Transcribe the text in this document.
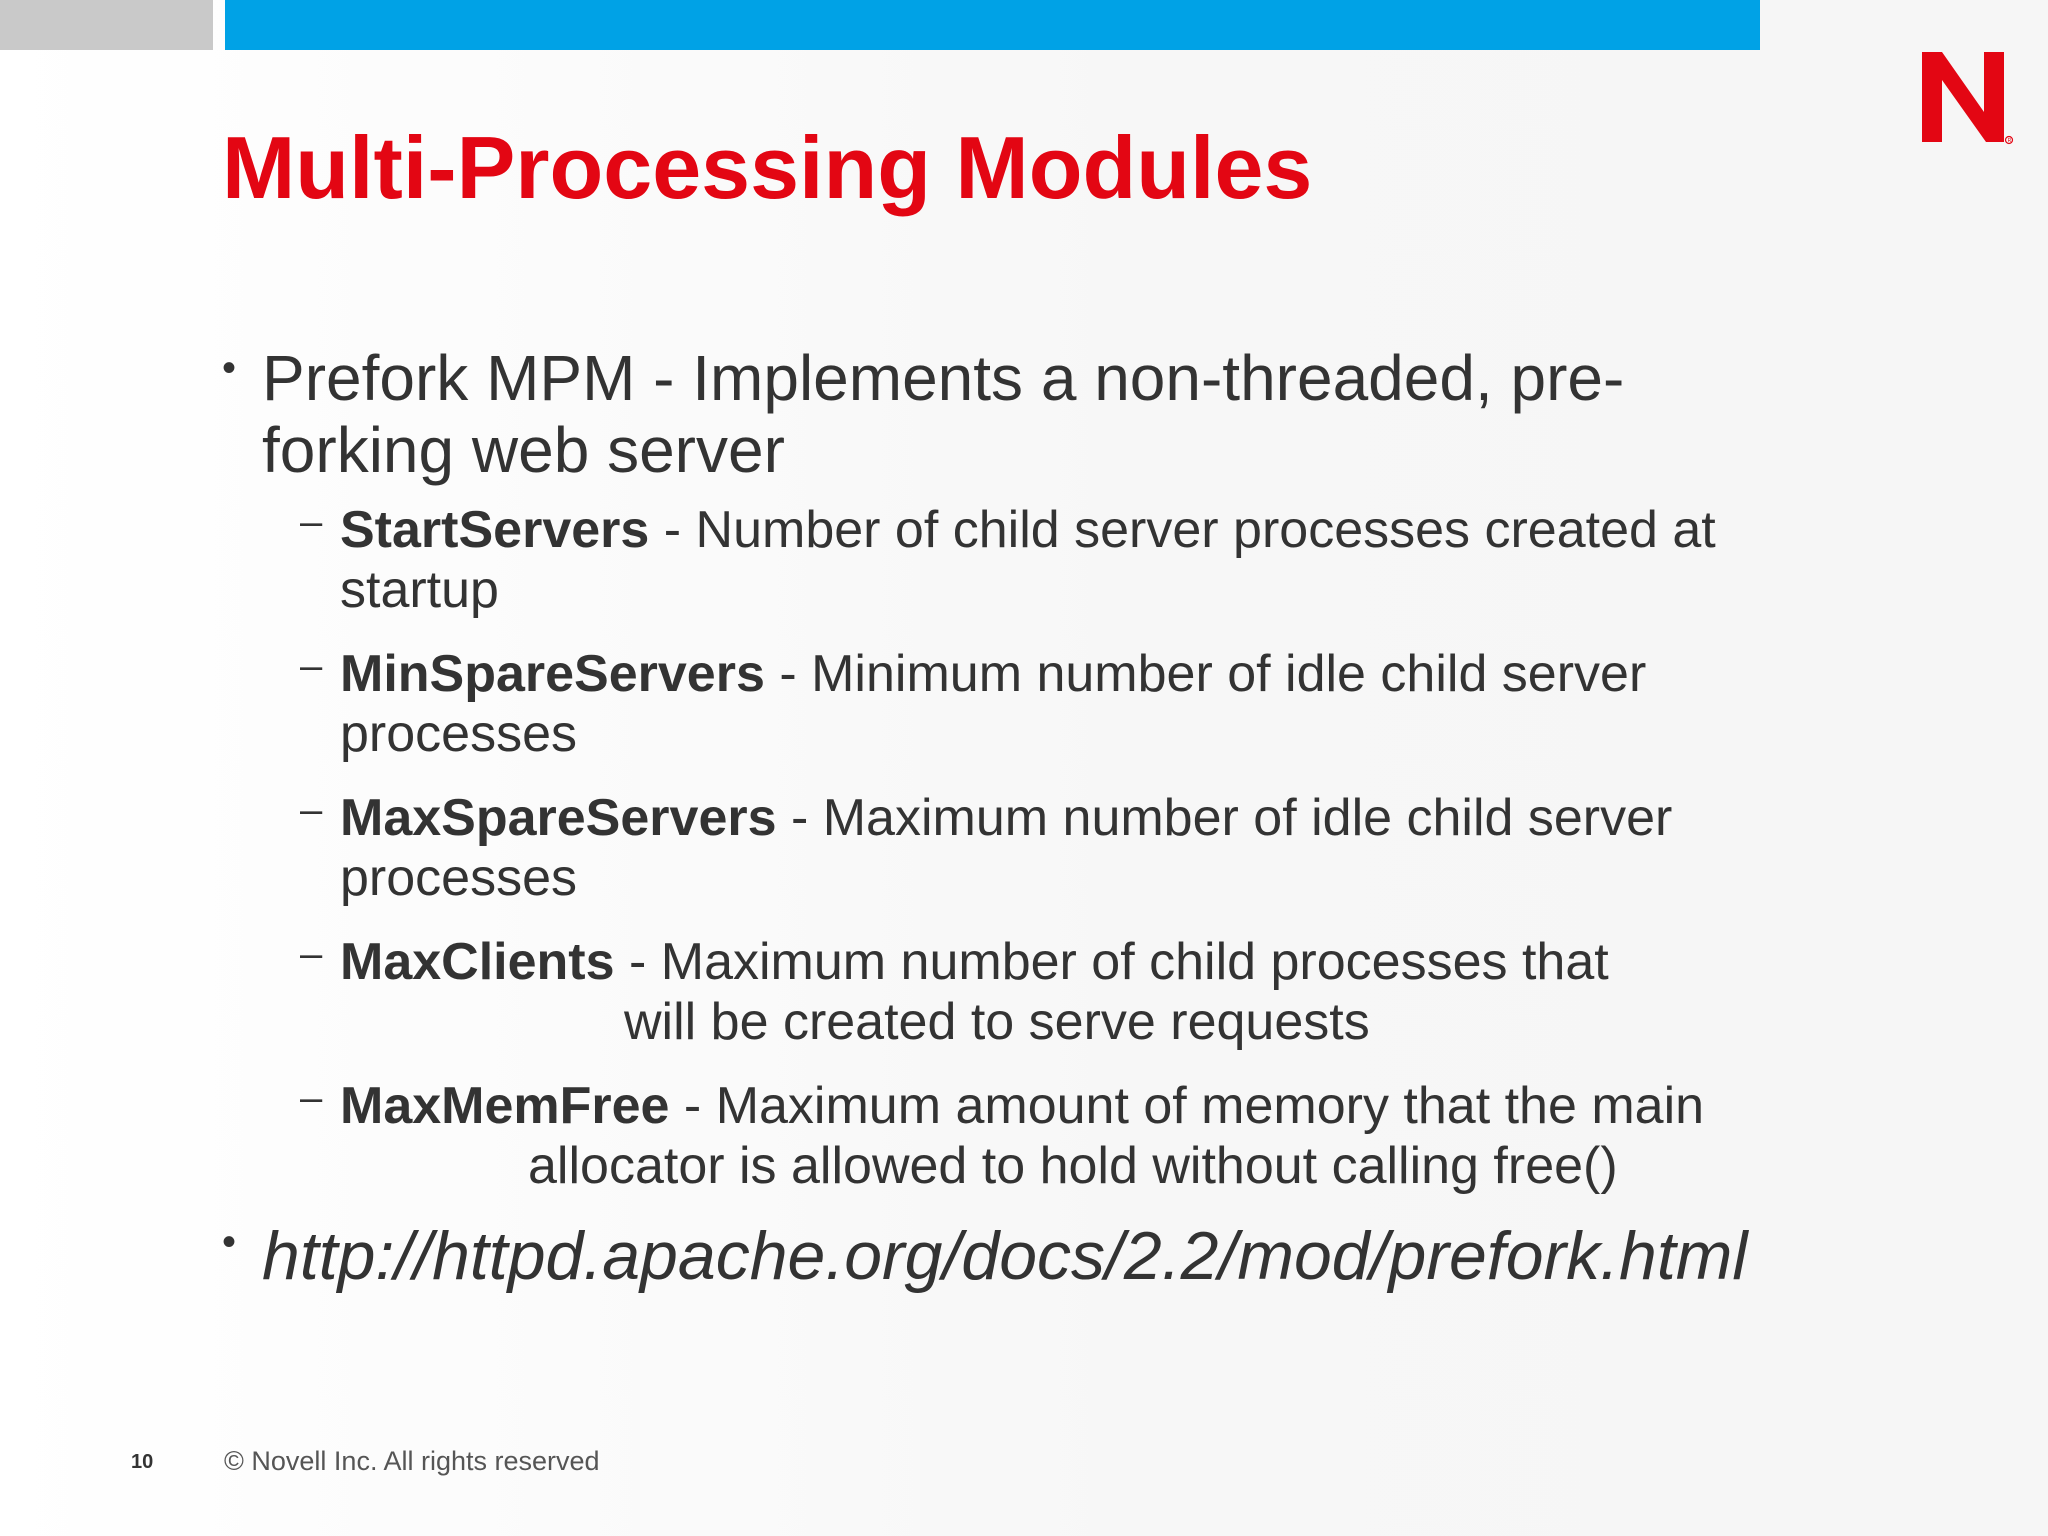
R
Multi-Processing Modules
• Prefork MPM - Implements a non-threaded, pre-
forking web server
– StartServers - Number of child server processes created at
startup
– MinSpareServers - Minimum number of idle child server
processes
– MaxSpareServers - Maximum number of idle child server
processes
– MaxClients - Maximum number of child processes that
will be created to serve requests
– MaxMemFree - Maximum amount of memory that the main
allocator is allowed to hold without calling free()
• http://httpd.apache.org/docs/2.2/mod/prefork.html
10	© Novell Inc. All rights reserved
